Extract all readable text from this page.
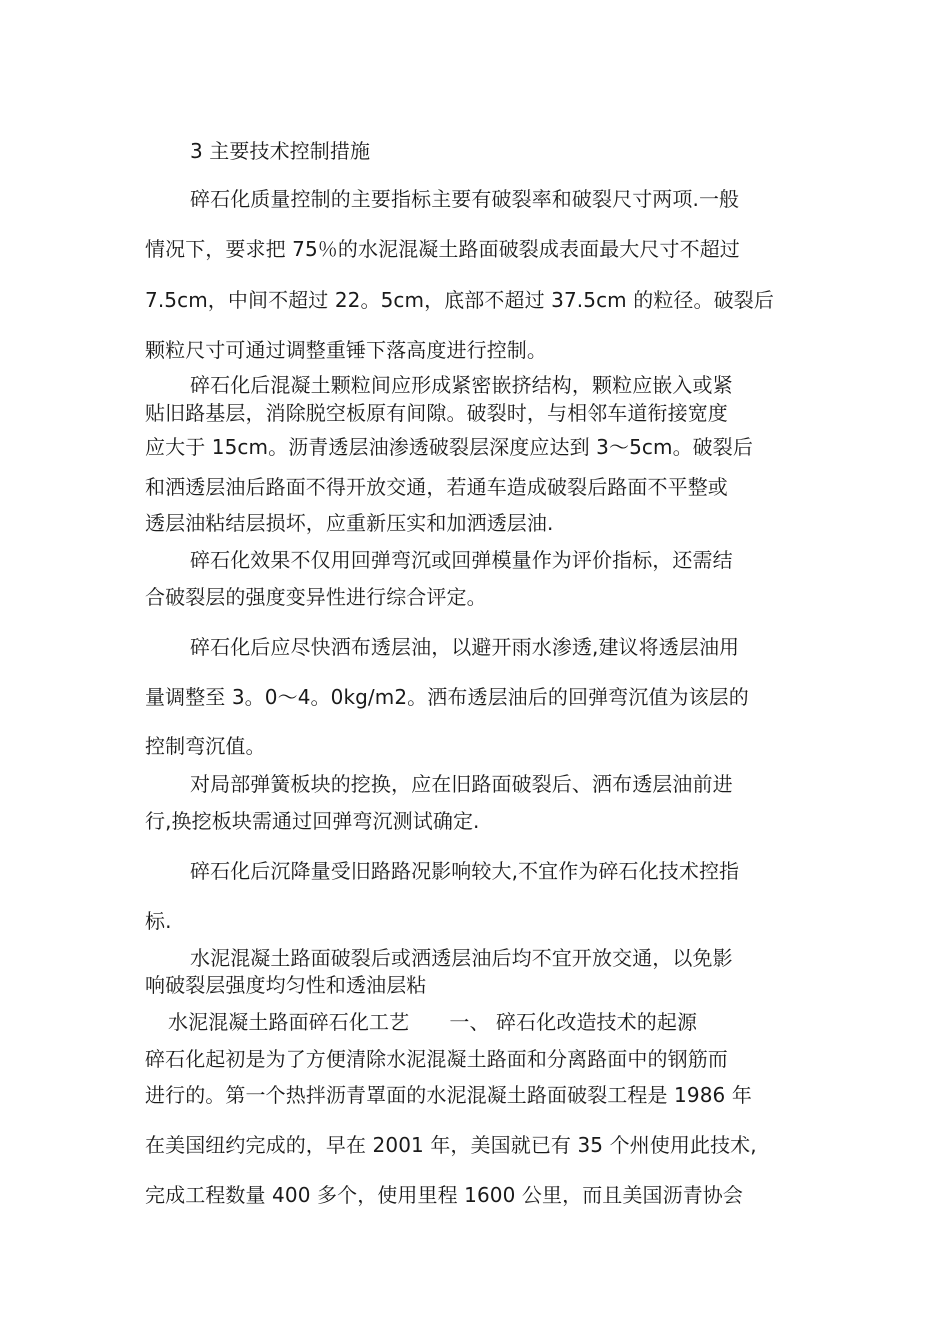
3 主要技术控制措施
碎石化质量控制的主要指标主要有破裂率和破裂尺寸两项.一般
情况下，要求把 75％的水泥混凝土路面破裂成表面最大尺寸不超过
7.5cm，中间不超过 22。5cm，底部不超过 37.5cm 的粒径。破裂后
颗粒尺寸可通过调整重锤下落高度进行控制。
碎石化后混凝土颗粒间应形成紧密嵌挤结构，颗粒应嵌入或紧
贴旧路基层，消除脱空板原有间隙。破裂时，与相邻车道衔接宽度
应大于 15cm。沥青透层油渗透破裂层深度应达到 3～5cm。破裂后
和洒透层油后路面不得开放交通，若通车造成破裂后路面不平整或
透层油粘结层损坏，应重新压实和加洒透层油.
碎石化效果不仅用回弹弯沉或回弹模量作为评价指标，还需结
合破裂层的强度变异性进行综合评定。
碎石化后应尽快洒布透层油，以避开雨水渗透,建议将透层油用
量调整至 3。0～4。0kg/m2。洒布透层油后的回弹弯沉值为该层的
控制弯沉值。
对局部弹簧板块的挖换，应在旧路面破裂后、洒布透层油前进
行,换挖板块需通过回弹弯沉测试确定.
碎石化后沉降量受旧路路况影响较大,不宜作为碎石化技术控指
标.
水泥混凝土路面破裂后或洒透层油后均不宜开放交通，以免影
响破裂层强度均匀性和透油层粘
水泥混凝土路面碎石化工艺　　一、 碎石化改造技术的起源
碎石化起初是为了方便清除水泥混凝土路面和分离路面中的钢筋而
进行的。第一个热拌沥青罩面的水泥混凝土路面破裂工程是 1986 年
在美国纽约完成的，早在 2001 年，美国就已有 35 个州使用此技术,
完成工程数量 400 多个，使用里程 1600 公里，而且美国沥青协会
